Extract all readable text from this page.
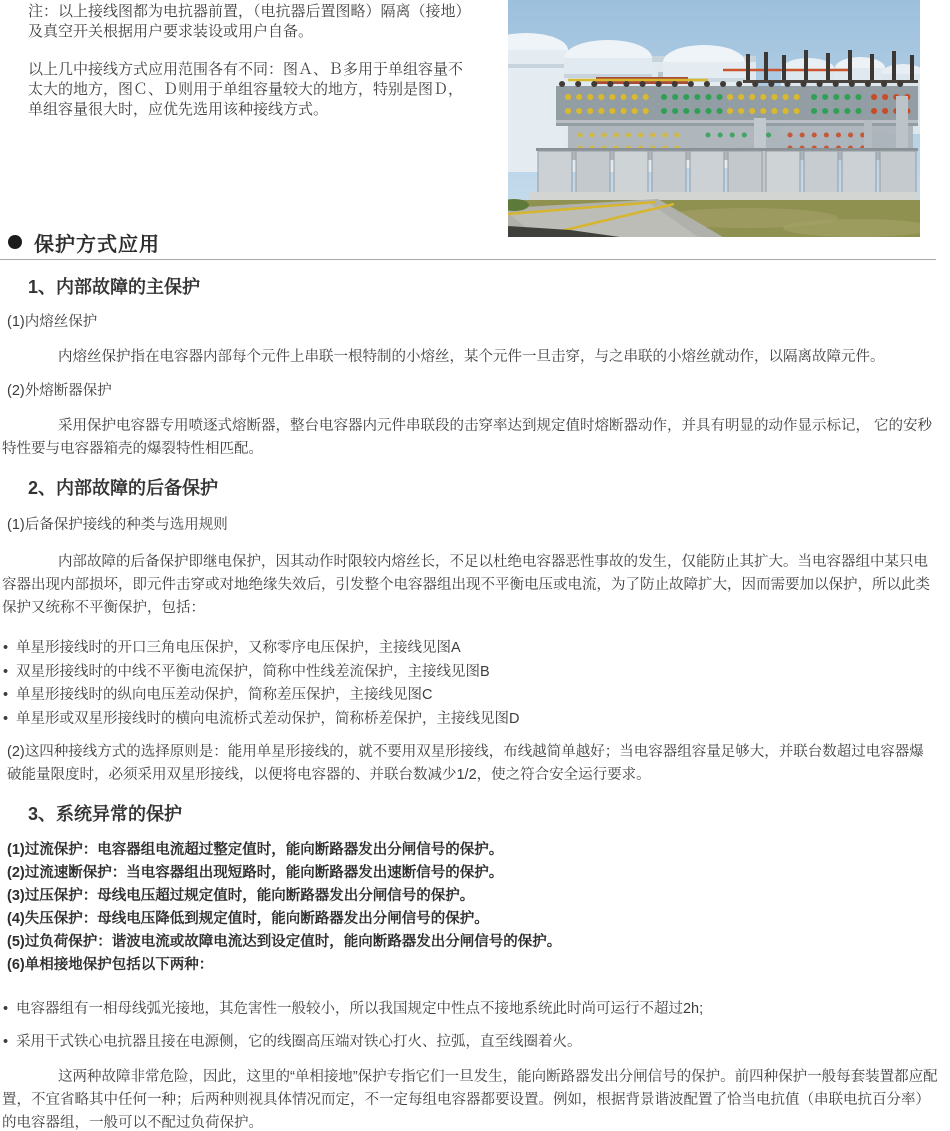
注：以上接线图都为电抗器前置，（电抗器后置图略）隔离（接地）及真空开关根据用户要求装设或用户自备。

以上几中接线方式应用范围各有不同：图Ａ、Ｂ多用于单组容量不太大的地方，图Ｃ、Ｄ则用于单组容量较大的地方，特别是图Ｄ，单组容量很大时，应优先选用该种接线方式。

保护方式应用

1、内部故障的主保护

(1)内熔丝保护

内熔丝保护指在电容器内部每个元件上串联一根特制的小熔丝，某个元件一旦击穿，与之串联的小熔丝就动作，以隔离故障元件。

(2)外熔断器保护

采用保护电容器专用喷逐式熔断器，整台电容器内元件串联段的击穿率达到规定值时熔断器动作，并具有明显的动作显示标记， 它的安秒特性要与电容器箱壳的爆裂特性相匹配。

2、内部故障的后备保护

(1)后备保护接线的种类与选用规则

内部故障的后备保护即继电保护，因其动作时限较内熔丝长，不足以杜绝电容器恶性事故的发生，仅能防止其扩大。当电容器组中某只电容器出现内部损坏，即元件击穿或对地绝缘失效后，引发整个电容器组出现不平衡电压或电流，为了防止故障扩大，因而需要加以保护，所以此类保护又统称不平衡保护，包括：

• 单星形接线时的开口三角电压保护，又称零序电压保护，主接线见图A

• 双星形接线时的中线不平衡电流保护，简称中性线差流保护，主接线见图B

• 单星形接线时的纵向电压差动保护，简称差压保护，主接线见图C

• 单星形或双星形接线时的横向电流桥式差动保护，简称桥差保护，主接线见图D

(2)这四种接线方式的选择原则是：能用单星形接线的，就不要用双星形接线，布线越简单越好；当电容器组容量足够大，并联台数超过电容器爆破能量限度时，必须采用双星形接线，以便将电容器的、并联台数减少1/2，使之符合安全运行要求。

3、系统异常的保护

(1)过流保护：电容器组电流超过整定值时，能向断路器发出分闸信号的保护。

(2)过流速断保护：当电容器组出现短路时，能向断路器发出速断信号的保护。

(3)过压保护：母线电压超过规定值时，能向断路器发出分闸信号的保护。

(4)失压保护：母线电压降低到规定值时，能向断路器发出分闸信号的保护。

(5)过负荷保护：谐波电流或故障电流达到设定值时，能向断路器发出分闸信号的保护。

(6)单相接地保护包括以下两种：

• 电容器组有一相母线弧光接地，其危害性一般较小，所以我国规定中性点不接地系统此时尚可运行不超过2h;

• 采用干式铁心电抗器且接在电源侧，它的线圈高压端对铁心打火、拉弧，直至线圈着火。

这两种故障非常危险，因此，这里的“单相接地”保护专指它们一旦发生，能向断路器发出分闸信号的保护。前四种保护一般每套装置都应配置，不宜省略其中任何一种；后两种则视具体情况而定，不一定每组电容器都要设置。例如，根据背景谐波配置了恰当电抗值（串联电抗百分率）的电容器组，一般可以不配过负荷保护。
